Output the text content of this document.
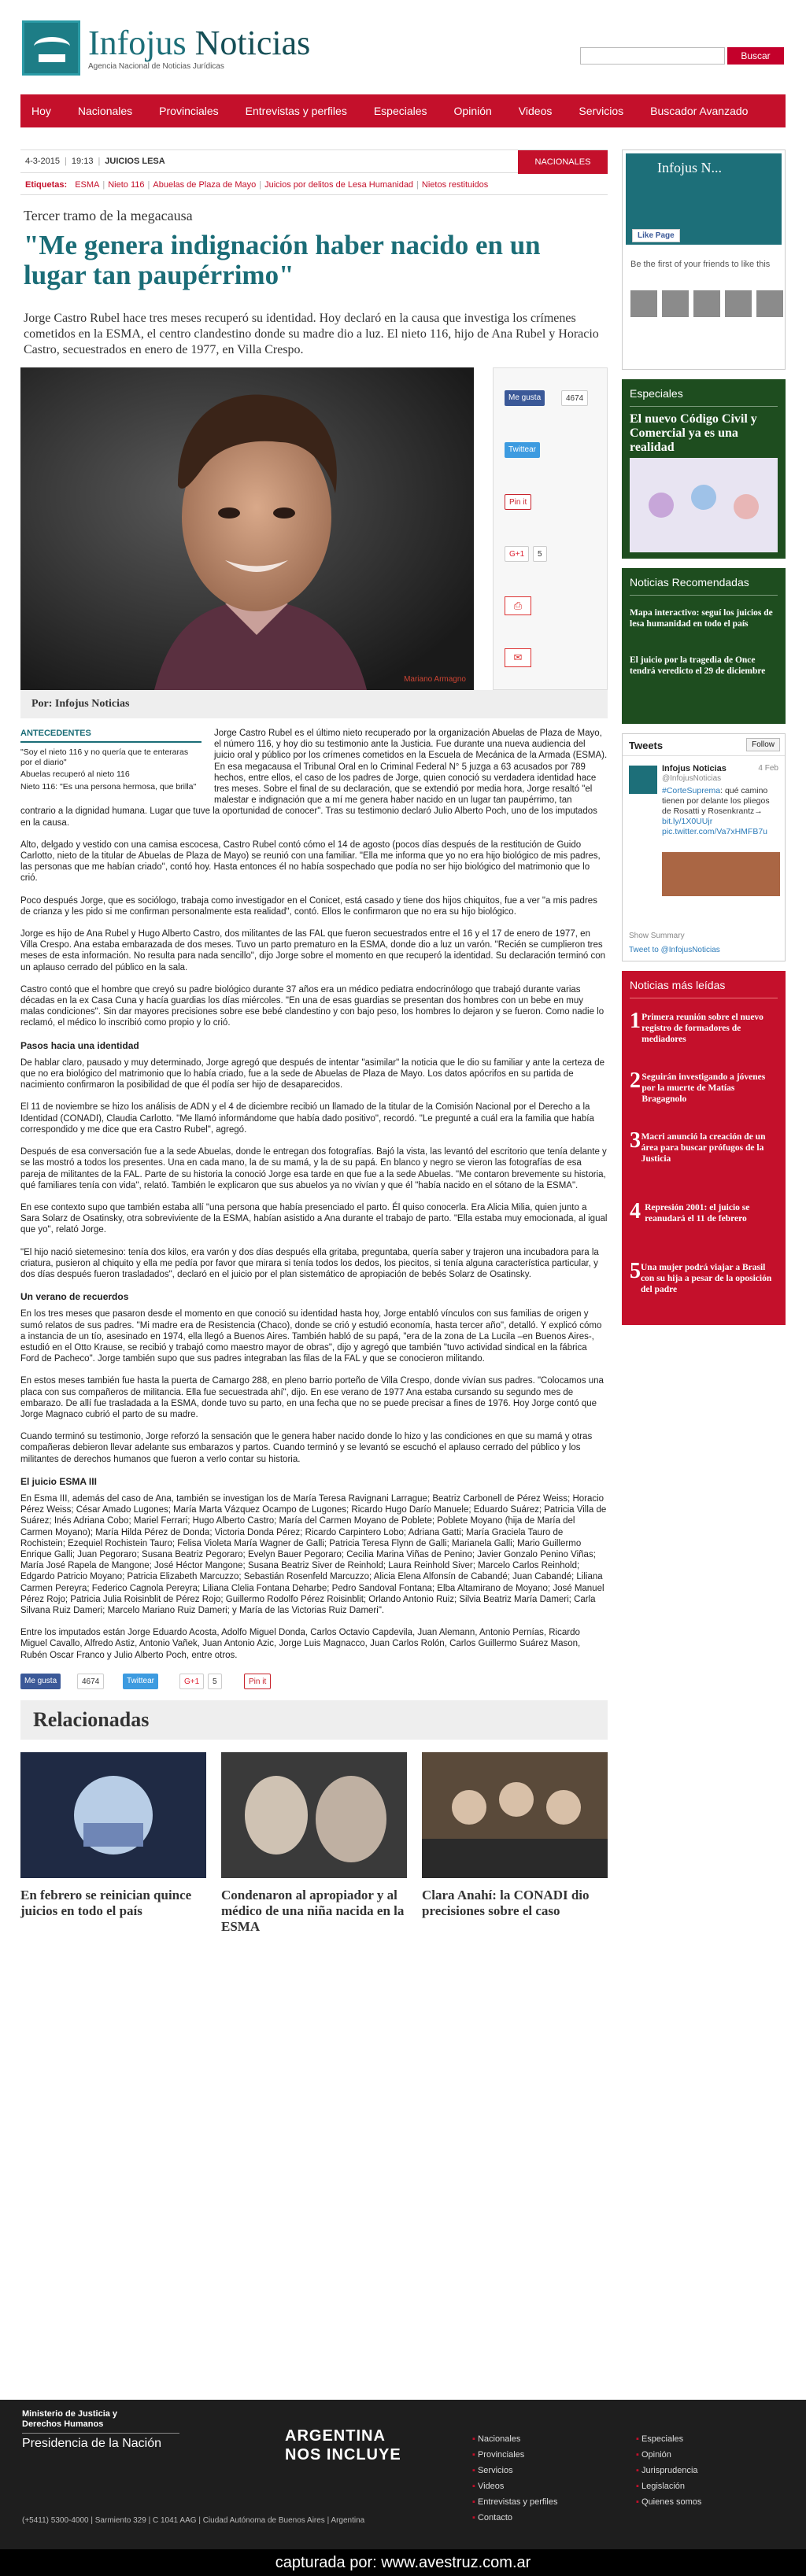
Infojus Noticias
Agencia Nacional de Noticias Jurídicas
Buscar
Hoy Nacionales Provinciales Entrevistas y perfiles Especiales Opinión Videos Servicios Buscador Avanzado
4-3-2015 | 19:13 | JUICIOS LESA	NACIONALES
Etiquetas: ESMA | Nieto 116 | Abuelas de Plaza de Mayo | Juicios por delitos de Lesa Humanidad | Nietos restituidos
Tercer tramo de la megacausa
"Me genera indignación haber nacido en un lugar tan paupérrimo"
Jorge Castro Rubel hace tres meses recuperó su identidad. Hoy declaró en la causa que investiga los crímenes cometidos en la ESMA, el centro clandestino donde su madre dio a luz. El nieto 116, hijo de Ana Rubel y Horacio Castro, secuestrados en enero de 1977, en Villa Crespo.
Mariano Armagno
Me gusta	4674
Twittear
Pin it
G+1	5
⎙
✉
Por: Infojus Noticias
ANTECEDENTES
"Soy el nieto 116 y no quería que te enteraras por el diario"
Abuelas recuperó al nieto 116
Nieto 116: "Es una persona hermosa, que brilla"

Jorge Castro Rubel es el último nieto recuperado por la organización Abuelas de Plaza de Mayo, el número 116, y hoy dio su testimonio ante la Justicia. Fue durante una nueva audiencia del juicio oral y público por los crímenes cometidos en la Escuela de Mecánica de la Armada (ESMA). En esa megacausa el Tribunal Oral en lo Criminal Federal N° 5 juzga a 63 acusados por 789 hechos, entre ellos, el caso de los padres de Jorge, quien conoció su verdadera identidad hace tres meses. Sobre el final de su declaración, que se extendió por media hora, Jorge resaltó "el malestar e indignación que a mí me genera haber nacido en un lugar tan paupérrimo, tan contrario a la dignidad humana. Lugar que tuve la oportunidad de conocer". Tras su testimonio declaró Julio Alberto Poch, uno de los imputados en la causa.

Alto, delgado y vestido con una camisa escocesa, Castro Rubel contó cómo el 14 de agosto (pocos días después de la restitución de Guido Carlotto, nieto de la titular de Abuelas de Plaza de Mayo) se reunió con una familiar. "Ella me informa que yo no era hijo biológico de mis padres, las personas que me habían criado", contó hoy. Hasta entonces él no había sospechado que podía no ser hijo biológico del matrimonio que lo crió.

Poco después Jorge, que es sociólogo, trabaja como investigador en el Conicet, está casado y tiene dos hijos chiquitos, fue a ver "a mis padres de crianza y les pido si me confirman personalmente esta realidad", contó. Ellos le confirmaron que no era su hijo biológico.

Jorge es hijo de Ana Rubel y Hugo Alberto Castro, dos militantes de las FAL que fueron secuestrados entre el 16 y el 17 de enero de 1977, en Villa Crespo. Ana estaba embarazada de dos meses. Tuvo un parto prematuro en la ESMA, donde dio a luz un varón. "Recién se cumplieron tres meses de esta información. No resulta para nada sencillo", dijo Jorge sobre el momento en que recuperó la identidad. Su declaración terminó con un aplauso cerrado del público en la sala.

Castro contó que el hombre que creyó su padre biológico durante 37 años era un médico pediatra endocrinólogo que trabajó durante varias décadas en la ex Casa Cuna y hacía guardias los días miércoles. "En una de esas guardias se presentan dos hombres con un bebe en muy malas condiciones". Sin dar mayores precisiones sobre ese bebé clandestino y con bajo peso, los hombres lo dejaron y se fueron. Como nadie lo reclamó, el médico lo inscribió como propio y lo crió.

Pasos hacia una identidad

De hablar claro, pausado y muy determinado, Jorge agregó que después de intentar "asimilar" la noticia que le dio su familiar y ante la certeza de que no era biológico del matrimonio que lo había criado, fue a la sede de Abuelas de Plaza de Mayo. Los datos apócrifos en su partida de nacimiento confirmaron la posibilidad de que él podía ser hijo de desaparecidos.

El 11 de noviembre se hizo los análisis de ADN y el 4 de diciembre recibió un llamado de la titular de la Comisión Nacional por el Derecho a la Identidad (CONADI), Claudia Carlotto. "Me llamó informándome que había dado positivo", recordó. "Le pregunté a cuál era la familia que había correspondido y me dice que era Castro Rubel", agregó.

Después de esa conversación fue a la sede Abuelas, donde le entregan dos fotografías. Bajó la vista, las levantó del escritorio que tenía delante y se las mostró a todos los presentes. Una en cada mano, la de su mamá, y la de su papá. En blanco y negro se vieron las fotografías de esa pareja de militantes de la FAL. Parte de su historia la conoció Jorge esa tarde en que fue a la sede Abuelas. "Me contaron brevemente su historia, qué familiares tenía con vida", relató. También le explicaron que sus abuelos ya no vivían y que él "había nacido en el sótano de la ESMA".

En ese contexto supo que también estaba allí "una persona que había presenciado el parto. Él quiso conocerla. Era Alicia Milia, quien junto a Sara Solarz de Osatinsky, otra sobreviviente de la ESMA, habían asistido a Ana durante el trabajo de parto. "Ella estaba muy emocionada, al igual que yo", relató Jorge.

"El hijo nació sietemesino: tenía dos kilos, era varón y dos días después ella gritaba, preguntaba, quería saber y trajeron una incubadora para la criatura, pusieron al chiquito y ella me pedía por favor que mirara si tenía todos los dedos, los piecitos, si tenía alguna característica particular, y dos días después fueron trasladados", declaró en el juicio por el plan sistemático de apropiación de bebés Solarz de Osatinsky.

Un verano de recuerdos

En los tres meses que pasaron desde el momento en que conoció su identidad hasta hoy, Jorge entabló vínculos con sus familias de origen y sumó relatos de sus padres. "Mi madre era de Resistencia (Chaco), donde se crió y estudió economía, hasta tercer año", detalló. Y explicó cómo a instancia de un tío, asesinado en 1974, ella llegó a Buenos Aires. También habló de su papá, "era de la zona de La Lucila –en Buenos Aires-, estudió en el Otto Krause, se recibió y trabajó como maestro mayor de obras", dijo y agregó que también "tuvo actividad sindical en la fábrica Ford de Pacheco". Jorge también supo que sus padres integraban las filas de la FAL y que se conocieron militando.

En estos meses también fue hasta la puerta de Camargo 288, en pleno barrio porteño de Villa Crespo, donde vivían sus padres. "Colocamos una placa con sus compañeros de militancia. Ella fue secuestrada ahí", dijo. En ese verano de 1977 Ana estaba cursando su segundo mes de embarazo. De allí fue trasladada a la ESMA, donde tuvo su parto, en una fecha que no se puede precisar a fines de 1976. Hoy Jorge contó que Jorge Magnaco cubrió el parto de su madre.

Cuando terminó su testimonio, Jorge reforzó la sensación que le genera haber nacido donde lo hizo y las condiciones en que su mamá y otras compañeras debieron llevar adelante sus embarazos y partos. Cuando terminó y se levantó se escuchó el aplauso cerrado del público y los militantes de derechos humanos que fueron a verlo contar su historia.

El juicio ESMA III

En Esma III, además del caso de Ana, también se investigan los de María Teresa Ravignani Larrague; Beatriz Carbonell de Pérez Weiss; Horacio Pérez Weiss; César Amado Lugones; María Marta Vázquez Ocampo de Lugones; Ricardo Hugo Darío Manuele; Eduardo Suárez; Patricia Villa de Suárez; Inés Adriana Cobo; Mariel Ferrari; Hugo Alberto Castro; María del Carmen Moyano de Poblete; Poblete Moyano (hija de María del Carmen Moyano); María Hilda Pérez de Donda; Victoria Donda Pérez; Ricardo Carpintero Lobo; Adriana Gatti; María Graciela Tauro de Rochistein; Ezequiel Rochistein Tauro; Felisa Violeta María Wagner de Galli; Patricia Teresa Flynn de Galli; Marianela Galli; Mario Guillermo Enrique Galli; Juan Pegoraro; Susana Beatriz Pegoraro; Evelyn Bauer Pegoraro; Cecilia Marina Viñas de Penino; Javier Gonzalo Penino Viñas; María José Rapela de Mangone; José Héctor Mangone; Susana Beatriz Siver de Reinhold; Laura Reinhold Siver; Marcelo Carlos Reinhold; Edgardo Patricio Moyano; Patricia Elizabeth Marcuzzo; Sebastián Rosenfeld Marcuzzo; Alicia Elena Alfonsín de Cabandé; Juan Cabandé; Liliana Carmen Pereyra; Federico Cagnola Pereyra; Liliana Clelia Fontana Deharbe; Pedro Sandoval Fontana; Elba Altamirano de Moyano; José Manuel Pérez Rojo; Patricia Julia Roisinblit de Pérez Rojo; Guillermo Rodolfo Pérez Roisinblit; Orlando Antonio Ruiz; Silvia Beatriz María Dameri; Carla Silvana Ruiz Dameri; Marcelo Mariano Ruiz Dameri; y María de las Victorias Ruiz Dameri".

Entre los imputados están Jorge Eduardo Acosta, Adolfo Miguel Donda, Carlos Octavio Capdevila, Juan Alemann, Antonio Pernías, Ricardo Miguel Cavallo, Alfredo Astiz, Antonio Vañek, Juan Antonio Azic, Jorge Luis Magnacco, Juan Carlos Rolón, Carlos Guillermo Suárez Mason, Rubén Oscar Franco y Julio Alberto Poch, entre otros.

Me gusta	4674	Twittear	G+1	5	Pin it
Relacionadas
En febrero se reinician quince juicios en todo el país
Condenaron al apropiador y al médico de una niña nacida en la ESMA
Clara Anahí: la CONADI dio precisiones sobre el caso
Infojus N...
Like Page
Be the first of your friends to like this
Especiales
El nuevo Código Civil y Comercial ya es una realidad
Noticias Recomendadas
Mapa interactivo: seguí los juicios de lesa humanidad en todo el país
El juicio por la tragedia de Once tendrá veredicto el 29 de diciembre
Tweets	Follow
Infojus Noticias
@InfojusNoticias
4 Feb
#CorteSuprema: qué camino tienen por delante los pliegos de Rosatti y Rosenkrantz→ bit.ly/1X0UUjr pic.twitter.com/Va7xHMFB7u
Show Summary
Tweet to @InfojusNoticias
Noticias más leídas
1 Primera reunión sobre el nuevo registro de formadores de mediadores
2 Seguirán investigando a jóvenes por la muerte de Matías Bragagnolo
3 Macri anunció la creación de un área para buscar prófugos de la Justicia
4 Represión 2001: el juicio se reanudará el 11 de febrero
5 Una mujer podrá viajar a Brasil con su hija a pesar de la oposición del padre
Ministerio de Justicia y Derechos Humanos
Presidencia de la Nación	ARGENTINA
NOS INCLUYE
(+5411) 5300-4000 | Sarmiento 329 | C 1041 AAG | Ciudad Autónoma de Buenos Aires | Argentina
▪ Nacionales
▪ Provinciales
▪ Servicios
▪ Videos
▪ Entrevistas y perfiles
▪ Contacto
▪ Especiales
▪ Opinión
▪ Jurisprudencia
▪ Legislación
▪ Quienes somos
capturada por: www.avestruz.com.ar
